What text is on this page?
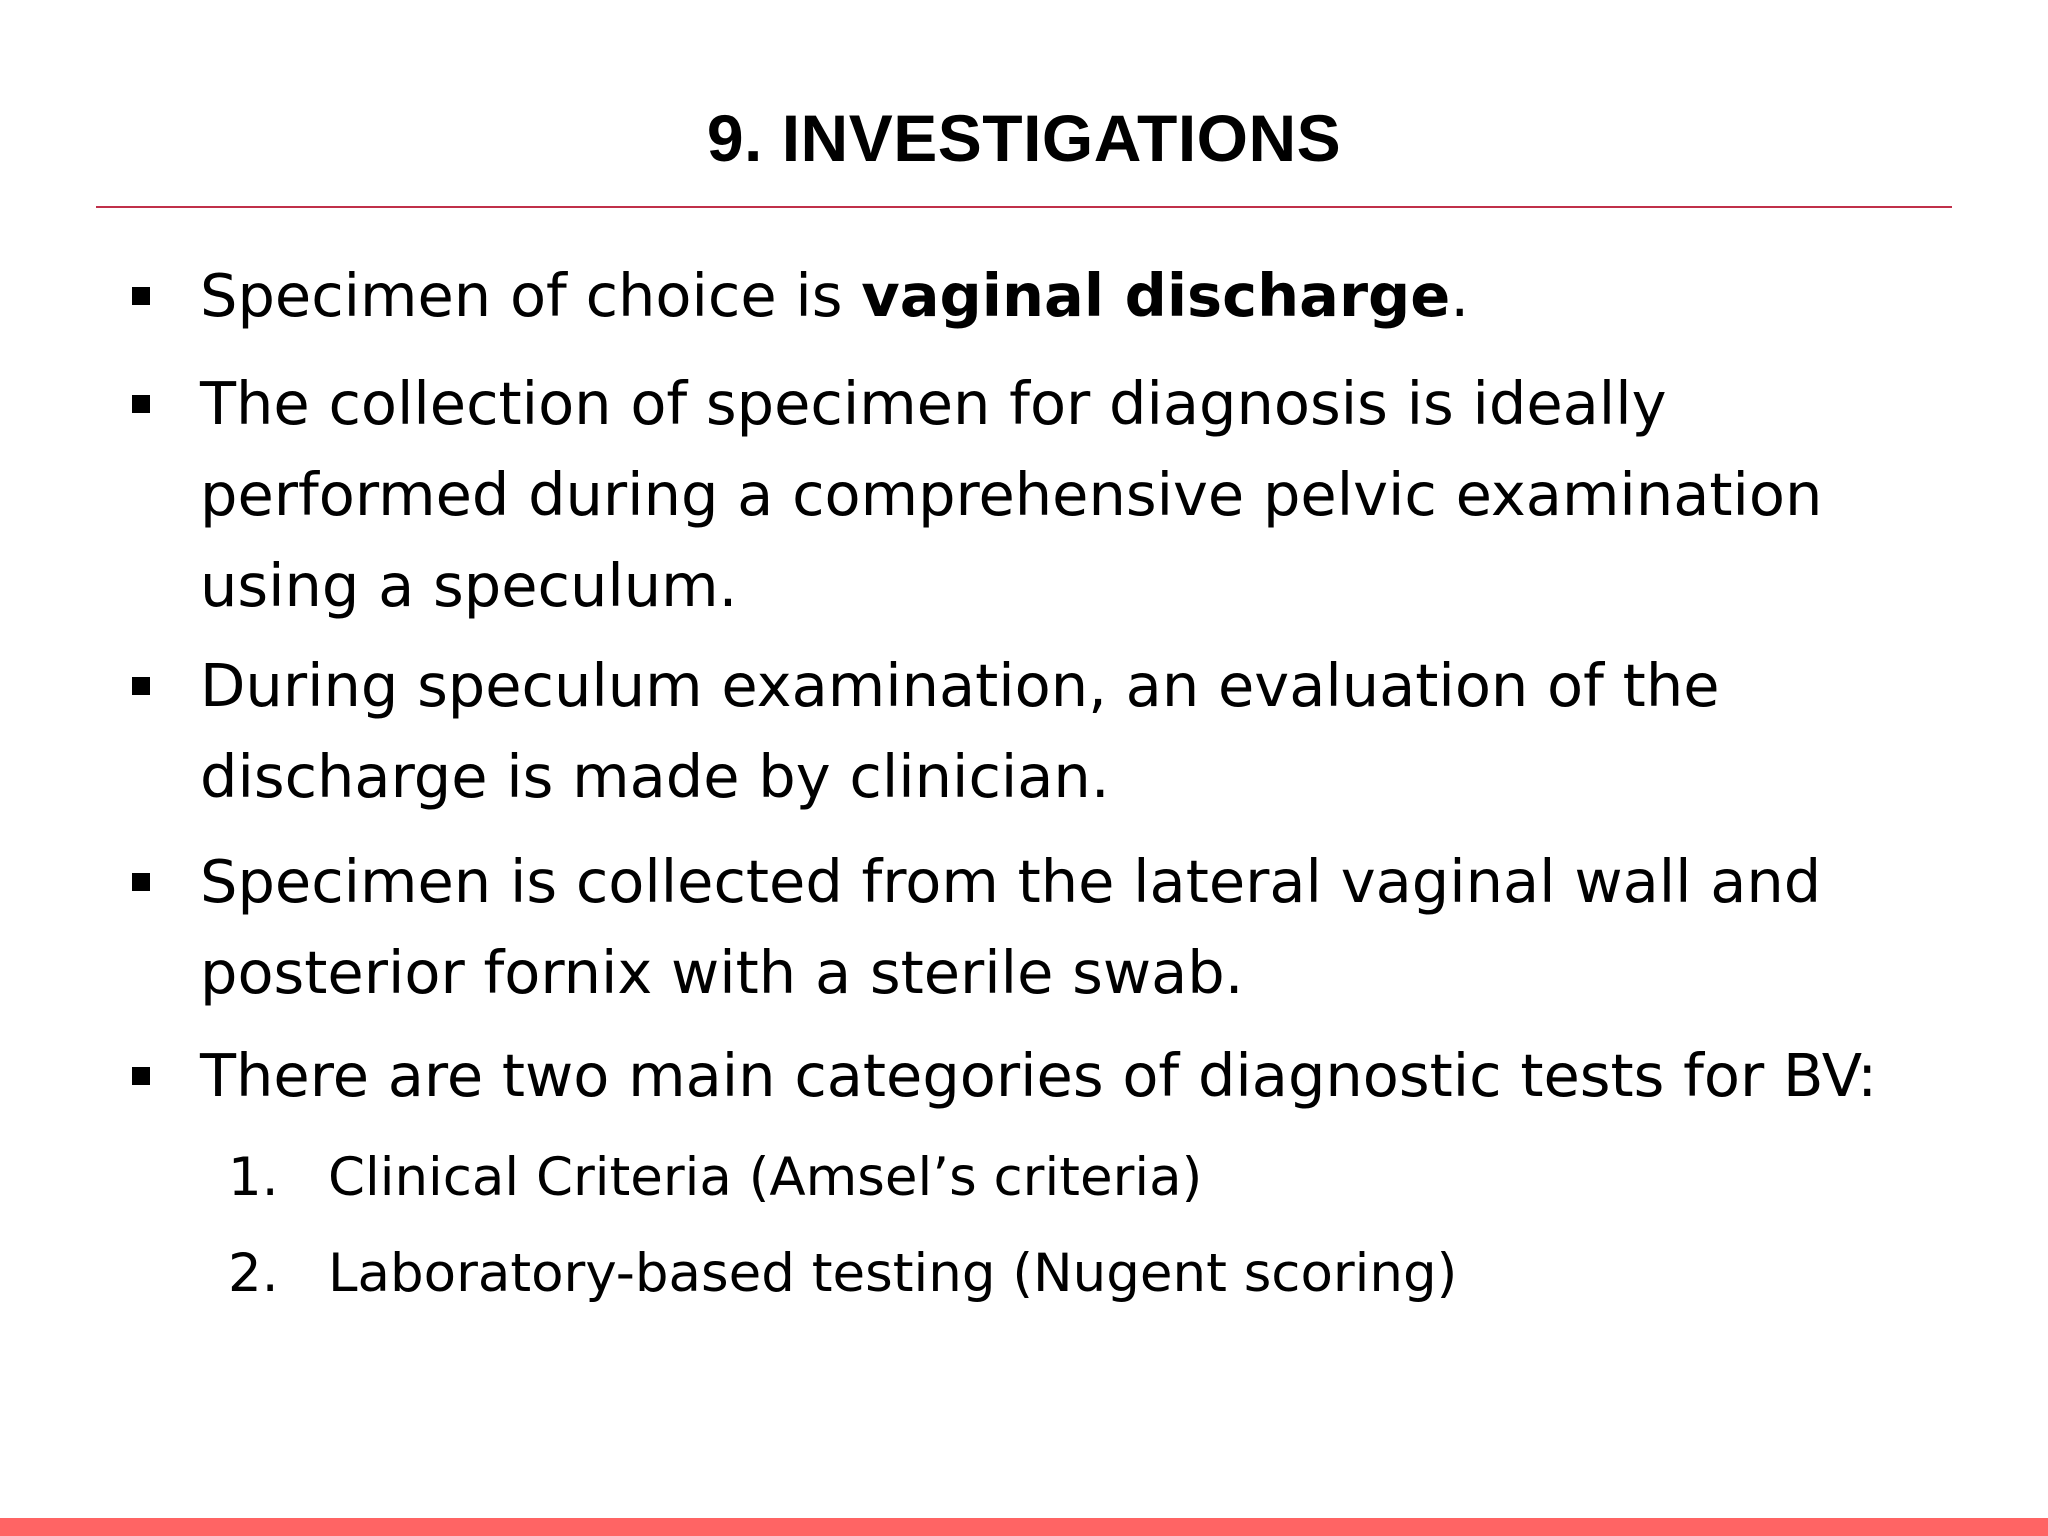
9. INVESTIGATIONS
Specimen of choice is vaginal discharge.
The collection of specimen for diagnosis is ideally
performed during a comprehensive pelvic examination
using a speculum.
During speculum examination, an evaluation of the
discharge is made by clinician.
Specimen is collected from the lateral vaginal wall and
posterior fornix with a sterile swab.
There are two main categories of diagnostic tests for BV:
1. Clinical Criteria (Amsel’s criteria)
2. Laboratory-based testing (Nugent scoring)
